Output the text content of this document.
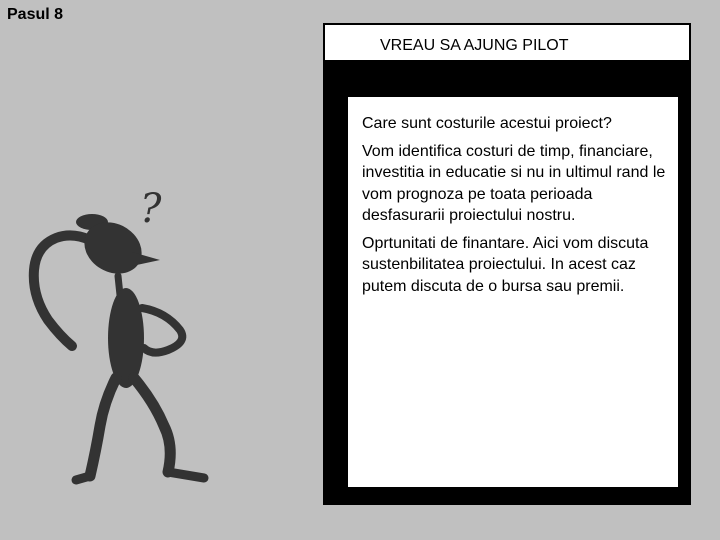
Pasul 8
?
VREAU SA AJUNG PILOT

Care sunt costurile acestui proiect?

Vom identifica costuri de timp, financiare, investitia in educatie si nu in ultimul rand le vom prognoza pe toata perioada desfasurarii proiectului nostru.

Oprtunitati de finantare. Aici vom discuta sustenbilitatea proiectului. In acest caz putem discuta de o bursa sau premii.
